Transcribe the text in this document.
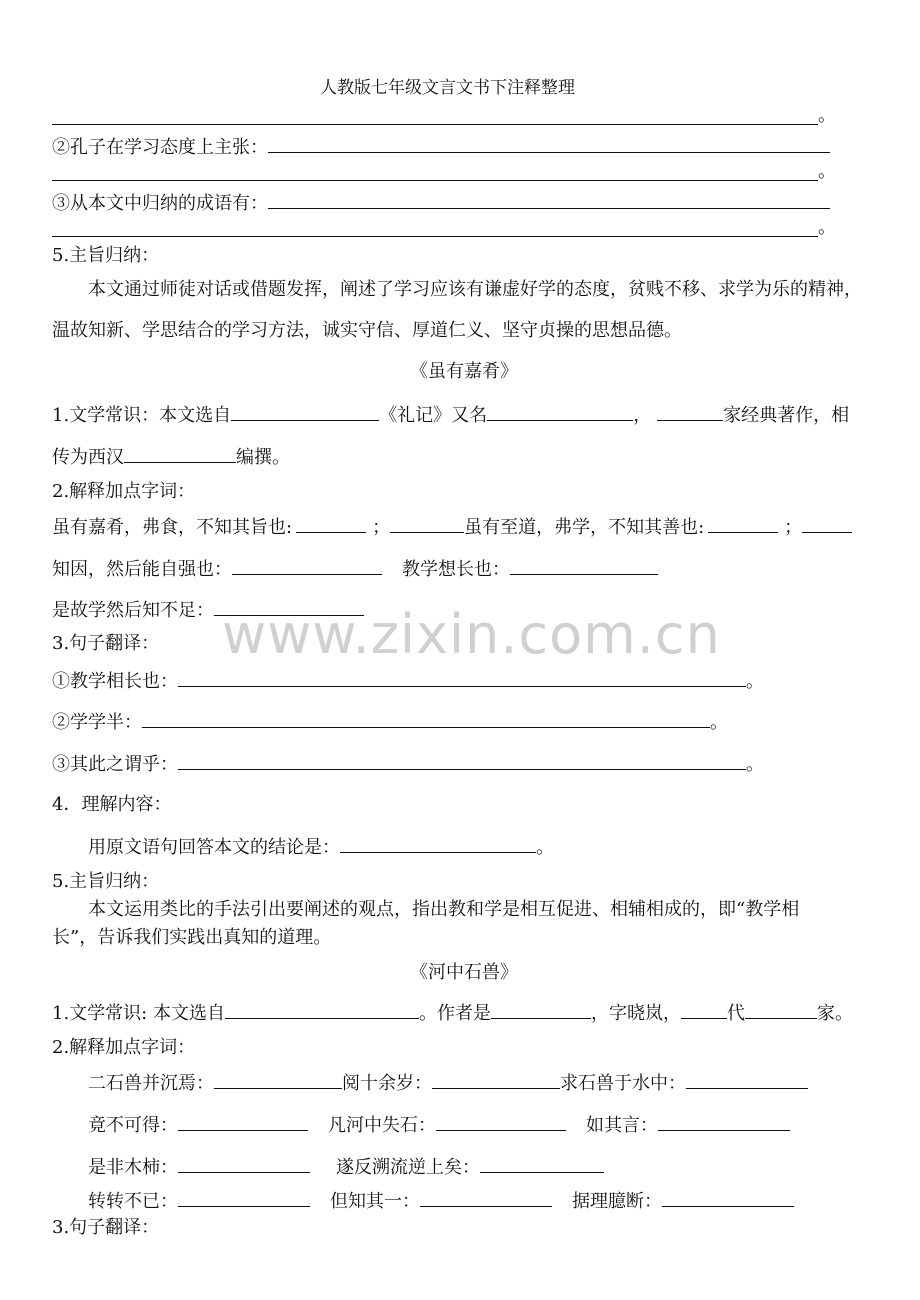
人教版七年级文言文书下注释整理
。
②孔子在学习态度上主张：
。
③从本文中归纳的成语有：
。
5.主旨归纳：
本文通过师徒对话或借题发挥，阐述了学习应该有谦虚好学的态度，贫贱不移、求学为乐的精神，
温故知新、学思结合的学习方法，诚实守信、厚道仁义、坚守贞操的思想品德。
《虽有嘉肴》
1.文学常识：本文选自	《礼记》又名	，	家经典著作，相
传为西汉	编撰。
2.解释加点字词：
虽有嘉肴，弗食，不知其旨也:	；	虽有至道，弗学，不知其善也:	；
知因，然后能自强也：	教学想长也：
是故学然后知不足： www.zixin.com.cn
3.句子翻译：
①教学相长也：	。
②学学半：	。
③其此之谓乎：	。
4．理解内容：
用原文语句回答本文的结论是：	。
5.主旨归纳：
本文运用类比的手法引出要阐述的观点，指出教和学是相互促进、相辅相成的，即“教学相
长”，告诉我们实践出真知的道理。
《河中石兽》
1.文学常识: 本文选自	。作者是	，字晓岚，	代	家。
2.解释加点字词：
二石兽并沉焉：	阅十余岁：	求石兽于水中：
竟不可得：	凡河中失石：	如其言：
是非木柿：	遂反溯流逆上矣：
转转不已：	但知其一：	据理臆断：
3.句子翻译：
